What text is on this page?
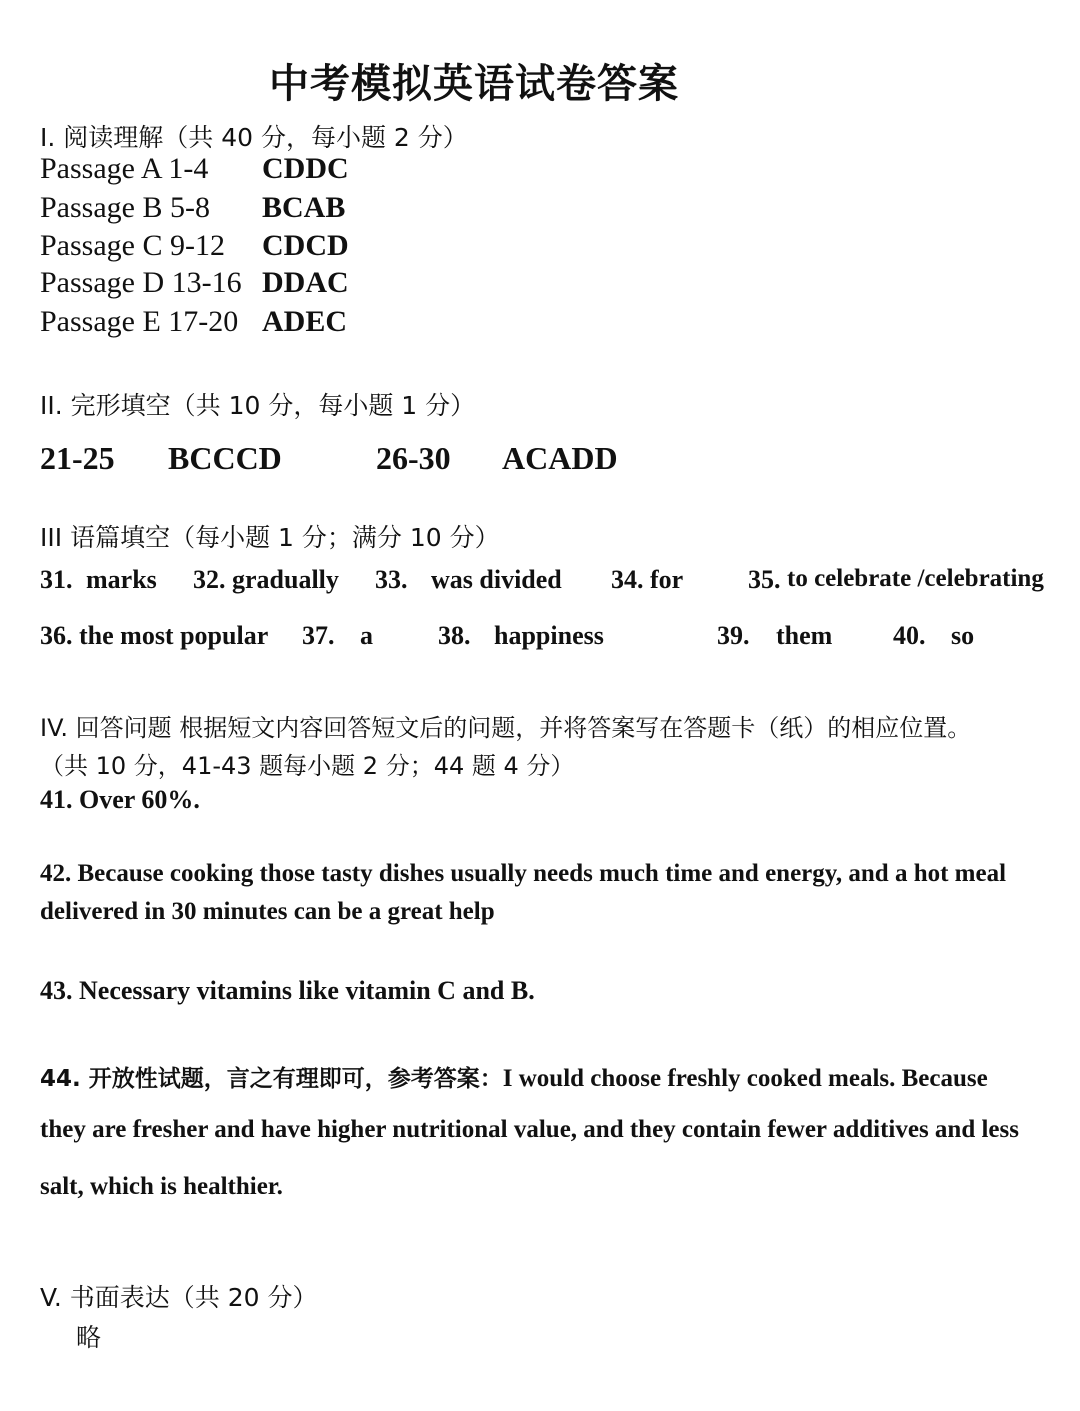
中考模拟英语试卷答案
I. 阅读理解（共 40 分，每小题 2 分）
Passage A 1-4 CDDC
Passage B 5-8 BCAB
Passage C 9-12 CDCD
Passage D 13-16 DDAC
Passage E 17-20 ADEC
II. 完形填空（共 10 分，每小题 1 分）
21-25 BCCCD	26-30 ACADD
III 语篇填空（每小题 1 分；满分 10 分）
31. marks 32. gradually 33. was divided 34. for 35. to celebrate /celebrating
36. the most popular 37. a	38. happiness	39. them 40. so
IV. 回答问题 根据短文内容回答短文后的问题，并将答案写在答题卡（纸）的相应位置。
（共 10 分，41-43 题每小题 2 分；44 题 4 分）
41. Over 60%.
42. Because cooking those tasty dishes usually needs much time and energy, and a hot meal
delivered in 30 minutes can be a great help
43. Necessary vitamins like vitamin C and B.
44. 开放性试题，言之有理即可，参考答案：I would choose freshly cooked meals. Because
they are fresher and have higher nutritional value, and they contain fewer additives and less
salt, which is healthier.
V. 书面表达（共 20 分）
略
